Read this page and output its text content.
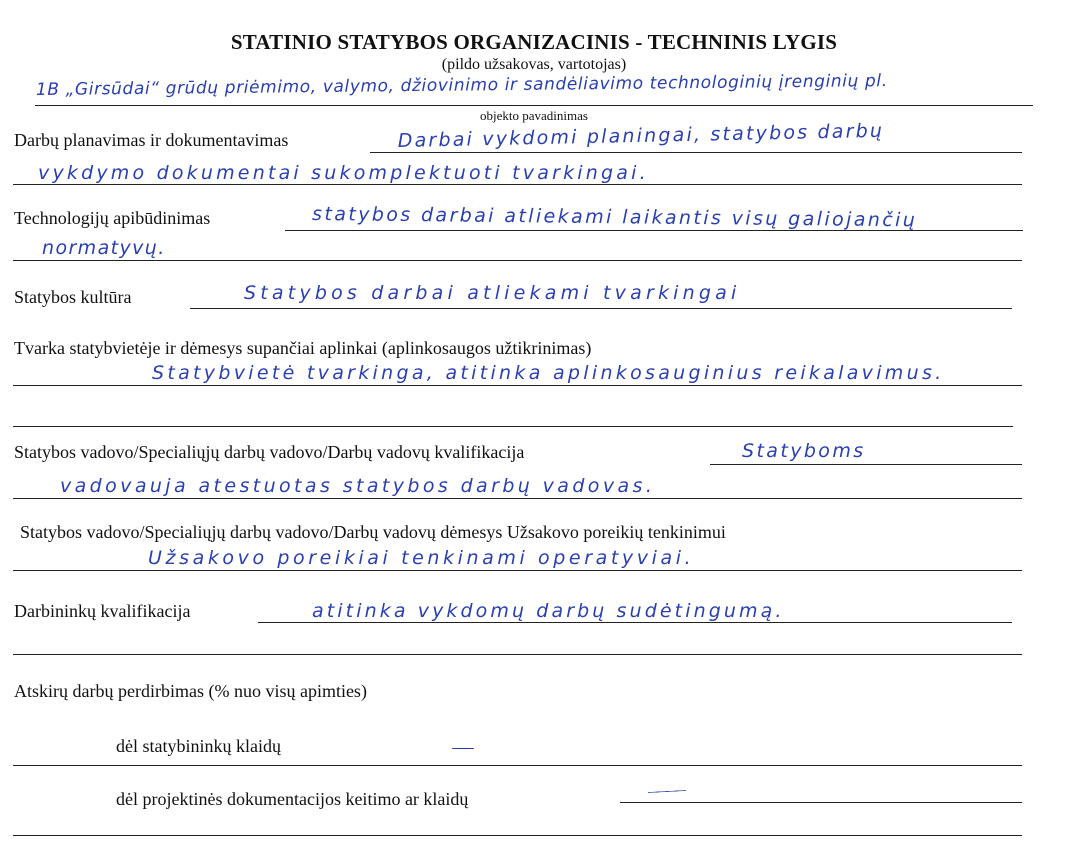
STATINIO STATYBOS ORGANIZACINIS - TECHNINIS LYGIS
(pildo užsakovas, vartotojas)
1B „Girsūdai“ grūdų priėmimo, valymo, džiovinimo ir sandėliavimo technologinių įrenginių pl.
objekto pavadinimas
Darbų planavimas ir dokumentavimas	Darbai vykdomi planingai, statybos darbų
vykdymo dokumentai sukomplektuoti tvarkingai.
Technologijų apibūdinimas	statybos darbai atliekami laikantis visų galiojančių
normatyvų.
Statybos kultūra	Statybos darbai atliekami tvarkingai
Tvarka statybvietėje ir dėmesys supančiai aplinkai (aplinkosaugos užtikrinimas)
Statybvietė tvarkinga, atitinka aplinkosauginius reikalavimus.
Statybos vadovo/Specialiųjų darbų vadovo/Darbų vadovų kvalifikacija	Statyboms
vadovauja atestuotas statybos darbų vadovas.
Statybos vadovo/Specialiųjų darbų vadovo/Darbų vadovų dėmesys Užsakovo poreikių tenkinimui
Užsakovo poreikiai tenkinami operatyviai.
Darbininkų kvalifikacija	atitinka vykdomų darbų sudėtingumą.
Atskirų darbų perdirbimas (% nuo visų apimties)
dėl statybininkų klaidų
dėl projektinės dokumentacijos keitimo ar klaidų
